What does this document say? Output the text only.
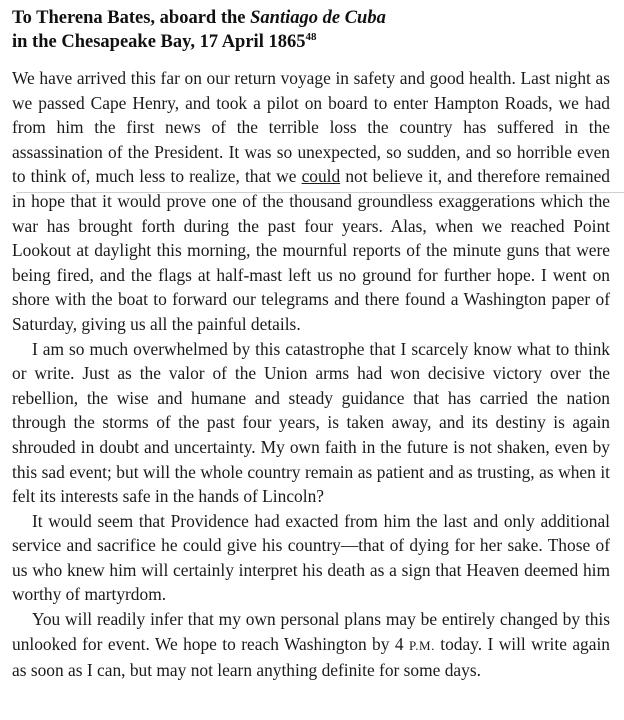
To Therena Bates, aboard the Santiago de Cuba
in the Chesapeake Bay, 17 April 1865$^{48}$

We have arrived this far on our return voyage in safety and good health. Last night as we passed Cape Henry, and took a pilot on board to enter Hampton Roads, we had from him the first news of the terrible loss the country has suffered in the assassination of the President. It was so unexpected, so sudden, and so horrible even to think of, much less to realize, that we could not believe it, and therefore remained in hope that it would prove one of the thousand groundless exaggerations which the war has brought forth during the past four years. Alas, when we reached Point Lookout at daylight this morning, the mournful reports of the minute guns that were being fired, and the flags at half-mast left us no ground for further hope. I went on shore with the boat to forward our telegrams and there found a Washington paper of Saturday, giving us all the painful details.

I am so much overwhelmed by this catastrophe that I scarcely know what to think or write. Just as the valor of the Union arms had won decisive victory over the rebellion, the wise and humane and steady guidance that has carried the nation through the storms of the past four years, is taken away, and its destiny is again shrouded in doubt and uncertainty. My own faith in the future is not shaken, even by this sad event; but will the whole country remain as patient and as trusting, as when it felt its interests safe in the hands of Lincoln?

It would seem that Providence had exacted from him the last and only additional service and sacrifice he could give his country—that of dying for her sake. Those of us who knew him will certainly interpret his death as a sign that Heaven deemed him worthy of martyrdom.

You will readily infer that my own personal plans may be entirely changed by this unlooked for event. We hope to reach Washington by 4 P.M. today. I will write again as soon as I can, but may not learn anything definite for some days.
